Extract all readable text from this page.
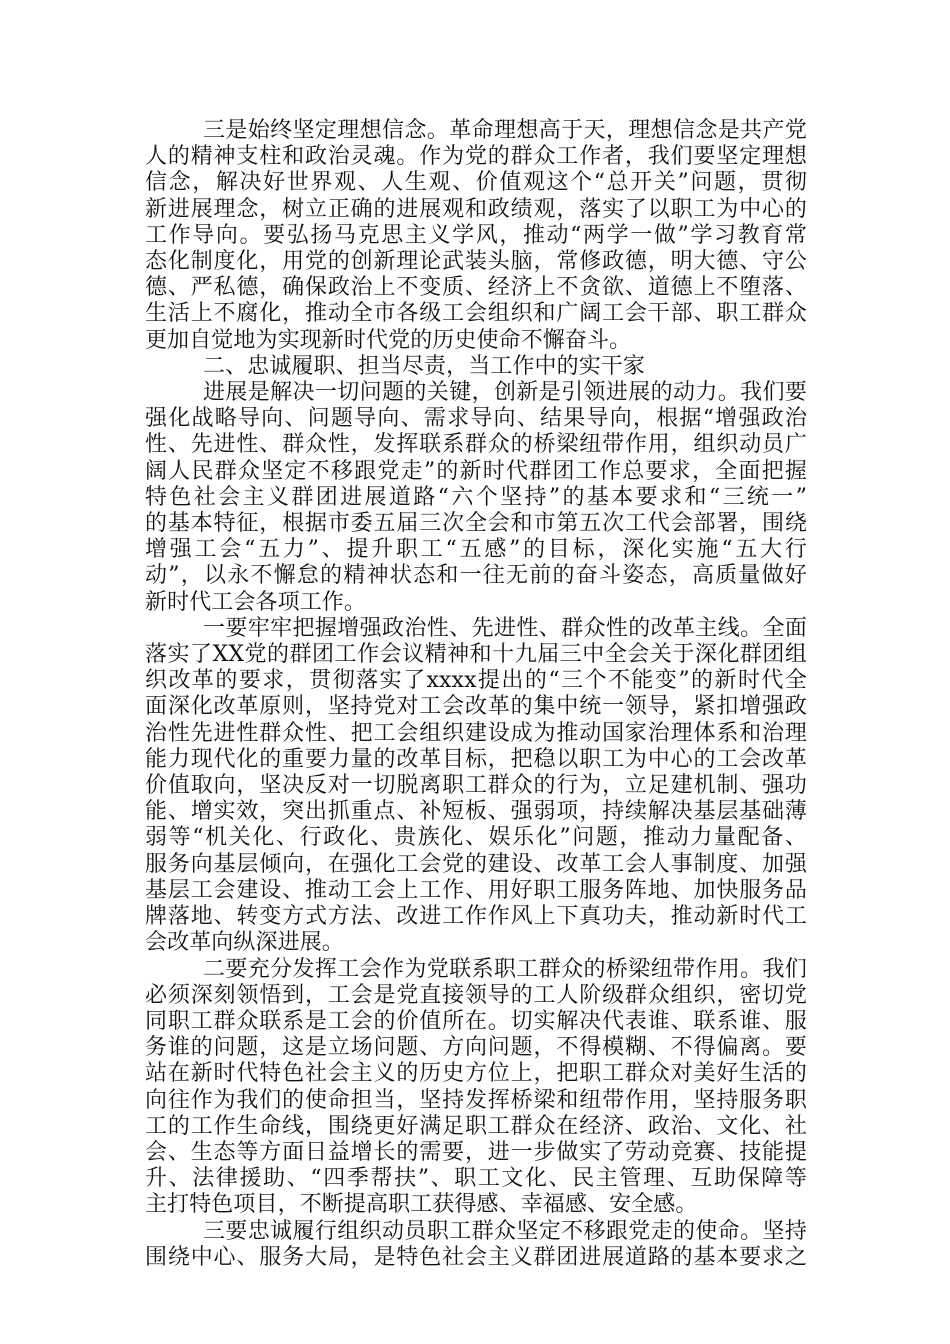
三是始终坚定理想信念。革命理想高于天，理想信念是共产党
人的精神支柱和政治灵魂。作为党的群众工作者，我们要坚定理想
信念，解决好世界观、人生观、价值观这个“总开关”问题，贯彻
新进展理念，树立正确的进展观和政绩观，落实了以职工为中心的
工作导向。要弘扬马克思主义学风，推动“两学一做”学习教育常
态化制度化，用党的创新理论武装头脑，常修政德，明大德、守公
德、严私德，确保政治上不变质、经济上不贪欲、道德上不堕落、
生活上不腐化，推动全市各级工会组织和广阔工会干部、职工群众
更加自觉地为实现新时代党的历史使命不懈奋斗。
二、忠诚履职、担当尽责，当工作中的实干家
进展是解决一切问题的关键，创新是引领进展的动力。我们要
强化战略导向、问题导向、需求导向、结果导向，根据“增强政治
性、先进性、群众性，发挥联系群众的桥梁纽带作用，组织动员广
阔人民群众坚定不移跟党走”的新时代群团工作总要求，全面把握
特色社会主义群团进展道路“六个坚持”的基本要求和“三统一”
的基本特征，根据市委五届三次全会和市第五次工代会部署，围绕
增强工会“五力”、提升职工“五感”的目标，深化实施“五大行
动”，以永不懈怠的精神状态和一往无前的奋斗姿态，高质量做好
新时代工会各项工作。
一要牢牢把握增强政治性、先进性、群众性的改革主线。全面
落实了XX党的群团工作会议精神和十九届三中全会关于深化群团组
织改革的要求，贯彻落实了xxxx提出的“三个不能变”的新时代全
面深化改革原则，坚持党对工会改革的集中统一领导，紧扣增强政
治性先进性群众性、把工会组织建设成为推动国家治理体系和治理
能力现代化的重要力量的改革目标，把稳以职工为中心的工会改革
价值取向，坚决反对一切脱离职工群众的行为，立足建机制、强功
能、增实效，突出抓重点、补短板、强弱项，持续解决基层基础薄
弱等“机关化、行政化、贵族化、娱乐化”问题，推动力量配备、
服务向基层倾向，在强化工会党的建设、改革工会人事制度、加强
基层工会建设、推动工会上工作、用好职工服务阵地、加快服务品
牌落地、转变方式方法、改进工作作风上下真功夫，推动新时代工
会改革向纵深进展。
二要充分发挥工会作为党联系职工群众的桥梁纽带作用。我们
必须深刻领悟到，工会是党直接领导的工人阶级群众组织，密切党
同职工群众联系是工会的价值所在。切实解决代表谁、联系谁、服
务谁的问题，这是立场问题、方向问题，不得模糊、不得偏离。要
站在新时代特色社会主义的历史方位上，把职工群众对美好生活的
向往作为我们的使命担当，坚持发挥桥梁和纽带作用，坚持服务职
工的工作生命线，围绕更好满足职工群众在经济、政治、文化、社
会、生态等方面日益增长的需要，进一步做实了劳动竞赛、技能提
升、法律援助、“四季帮扶”、职工文化、民主管理、互助保障等
主打特色项目，不断提高职工获得感、幸福感、安全感。
三要忠诚履行组织动员职工群众坚定不移跟党走的使命。坚持
围绕中心、服务大局，是特色社会主义群团进展道路的基本要求之
